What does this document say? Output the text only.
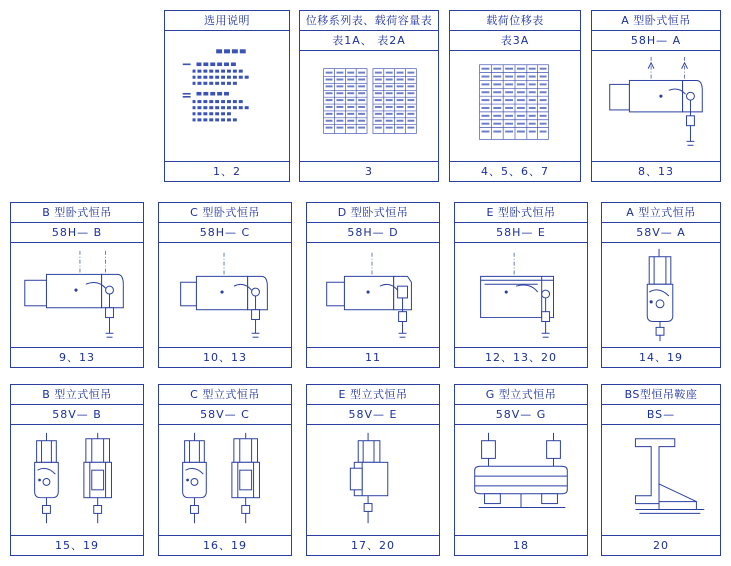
选用说明
1、2
位移系列表、载荷容量表
表1A、 表2A
3
载荷位移表
表3A
4、5、6、7
A 型卧式恒吊
58H— A
8、13
B 型卧式恒吊
58H— B
9、13
C 型卧式恒吊
58H— C
10、13
D 型卧式恒吊
58H— D
11
E 型卧式恒吊
58H— E
12、13、20
A 型立式恒吊
58V— A
14、19
B 型立式恒吊
58V— B
15、19
C 型立式恒吊
58V— C
16、19
E 型立式恒吊
58V— E
17、20
G 型立式恒吊
58V— G
18
BS型恒吊鞍座
BS—
20
